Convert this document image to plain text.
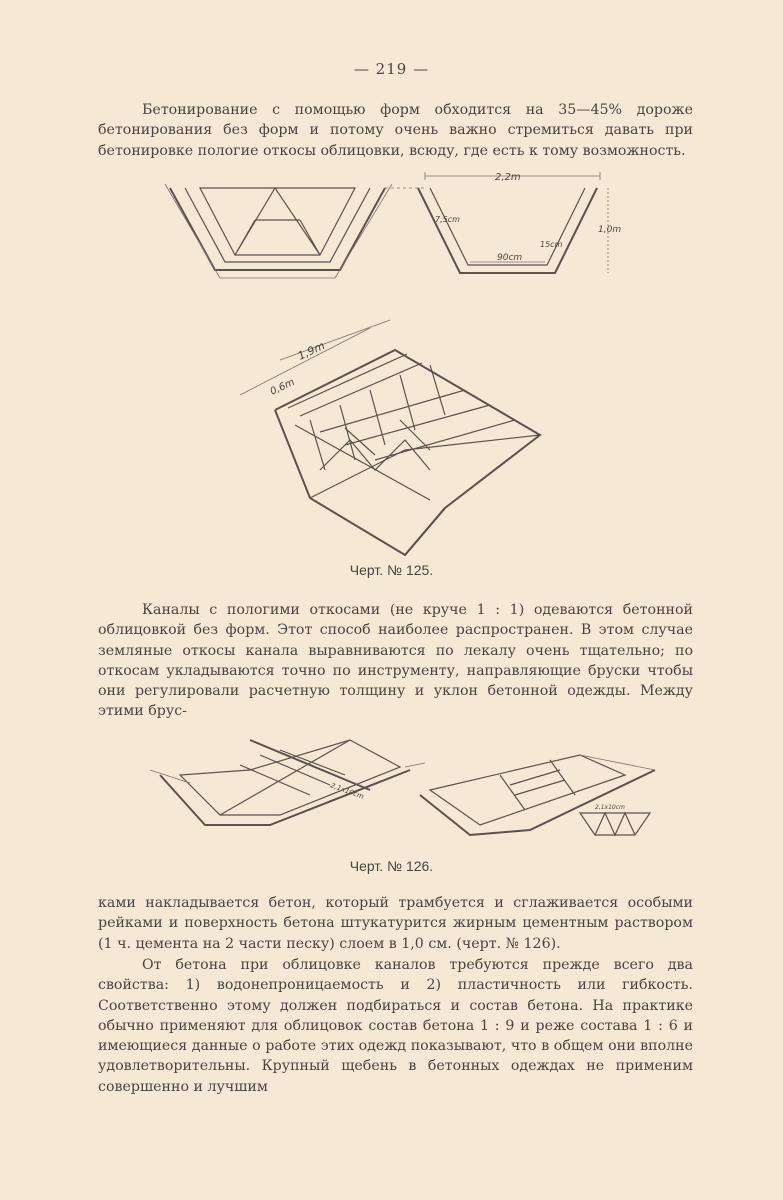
— 219 —
Бетонирование с помощью форм обходится на 35—45% дороже бетонирования без форм и потому очень важно стремиться давать при бетонировке пологие откосы облицовки, всюду, где есть к тому возможность.
2,2m
1,0m
7,5cm
90cm
15cm
1,9m
0,6m
Черт. № 125.
Каналы с пологими откосами (не круче 1 : 1) одеваются бетонной облицовкой без форм. Этот способ наиболее распространен. В этом случае земляные откосы канала выравниваются по лекалу очень тщательно; по откосам укладываются точно по инструменту, направляющие бруски чтобы они регулировали расчетную толщину и уклон бетонной одежды. Между этими брус-
2,1x10cm
2,1x10cm
Черт. № 126.
ками накладывается бетон, который трамбуется и сглаживается особыми рейками и поверхность бетона штукатурится жирным цементным раствором (1 ч. цемента на 2 части песку) слоем в 1,0 см. (черт. № 126).
От бетона при облицовке каналов требуются прежде всего два свойства: 1) водонепроницаемость и 2) пластичность или гибкость. Соответственно этому должен подбираться и состав бетона. На практике обычно применяют для облицовок состав бетона 1 : 9 и реже состава 1 : 6 и имеющиеся данные о работе этих одежд показывают, что в общем они вполне удовлетворительны. Крупный щебень в бетонных одеждах не применим совершенно и лучшим
